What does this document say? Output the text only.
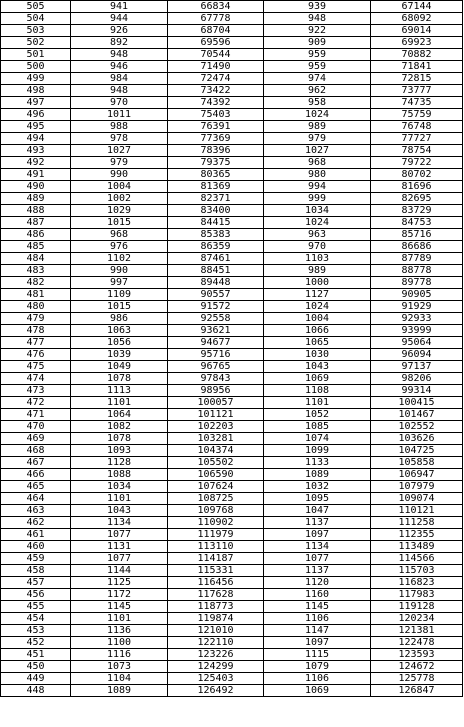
505	941	66834	939	67144
504	944	67778	948	68092
503	926	68704	922	69014
502	892	69596	909	69923
501	948	70544	959	70882
500	946	71490	959	71841
499	984	72474	974	72815
498	948	73422	962	73777
497	970	74392	958	74735
496	1011	75403	1024	75759
495	988	76391	989	76748
494	978	77369	979	77727
493	1027	78396	1027	78754
492	979	79375	968	79722
491	990	80365	980	80702
490	1004	81369	994	81696
489	1002	82371	999	82695
488	1029	83400	1034	83729
487	1015	84415	1024	84753
486	968	85383	963	85716
485	976	86359	970	86686
484	1102	87461	1103	87789
483	990	88451	989	88778
482	997	89448	1000	89778
481	1109	90557	1127	90905
480	1015	91572	1024	91929
479	986	92558	1004	92933
478	1063	93621	1066	93999
477	1056	94677	1065	95064
476	1039	95716	1030	96094
475	1049	96765	1043	97137
474	1078	97843	1069	98206
473	1113	98956	1108	99314
472	1101	100057	1101	100415
471	1064	101121	1052	101467
470	1082	102203	1085	102552
469	1078	103281	1074	103626
468	1093	104374	1099	104725
467	1128	105502	1133	105858
466	1088	106590	1089	106947
465	1034	107624	1032	107979
464	1101	108725	1095	109074
463	1043	109768	1047	110121
462	1134	110902	1137	111258
461	1077	111979	1097	112355
460	1131	113110	1134	113489
459	1077	114187	1077	114566
458	1144	115331	1137	115703
457	1125	116456	1120	116823
456	1172	117628	1160	117983
455	1145	118773	1145	119128
454	1101	119874	1106	120234
453	1136	121010	1147	121381
452	1100	122110	1097	122478
451	1116	123226	1115	123593
450	1073	124299	1079	124672
449	1104	125403	1106	125778
448	1089	126492	1069	126847
